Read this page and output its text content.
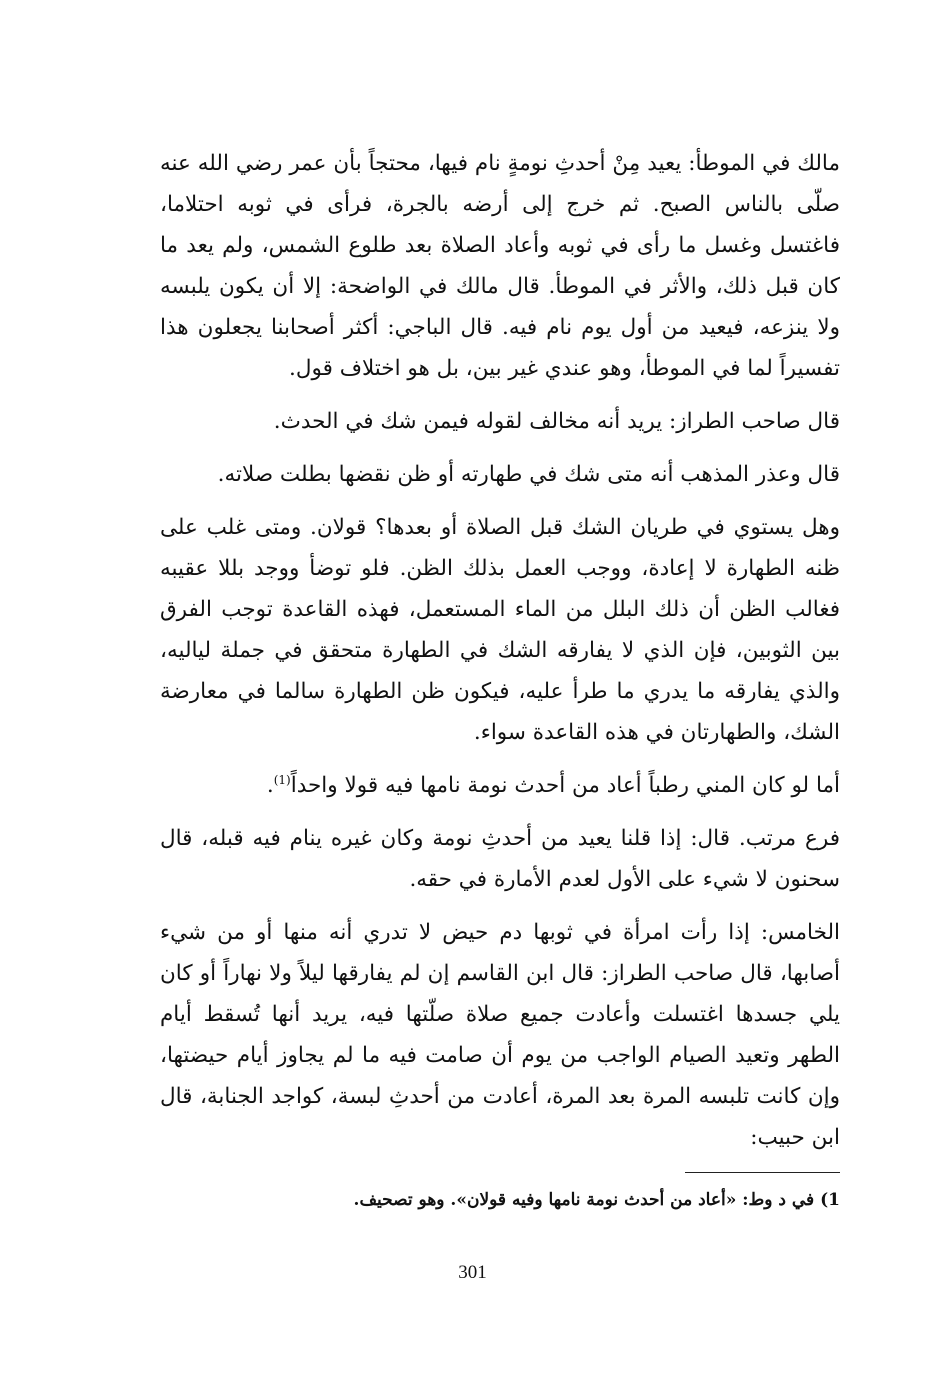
مالك في الموطأ: يعيد مِنْ أحدثِ نومةٍ نام فيها، محتجاً بأن عمر رضي الله عنه صلّى بالناس الصبح. ثم خرج إلى أرضه بالجرة، فرأى في ثوبه احتلاما، فاغتسل وغسل ما رأى في ثوبه وأعاد الصلاة بعد طلوع الشمس، ولم يعد ما كان قبل ذلك، والأثر في الموطأ. قال مالك في الواضحة: إلا أن يكون يلبسه ولا ينزعه، فيعيد من أول يوم نام فيه. قال الباجي: أكثر أصحابنا يجعلون هذا تفسيراً لما في الموطأ، وهو عندي غير بين، بل هو اختلاف قول.

قال صاحب الطراز: يريد أنه مخالف لقوله فيمن شك في الحدث.

قال وعذر المذهب أنه متى شك في طهارته أو ظن نقضها بطلت صلاته.

وهل يستوي في طريان الشك قبل الصلاة أو بعدها؟ قولان. ومتى غلب على ظنه الطهارة لا إعادة، ووجب العمل بذلك الظن. فلو توضأ ووجد بللا عقيبه فغالب الظن أن ذلك البلل من الماء المستعمل، فهذه القاعدة توجب الفرق بين الثوبين، فإن الذي لا يفارقه الشك في الطهارة متحقق في جملة لياليه، والذي يفارقه ما يدري ما طرأ عليه، فيكون ظن الطهارة سالما في معارضة الشك، والطهارتان في هذه القاعدة سواء.

أما لو كان المني رطباً أعاد من أحدث نومة نامها فيه قولا واحداً$^{(1)}$.

فرع مرتب. قال: إذا قلنا يعيد من أحدثِ نومة وكان غيره ينام فيه قبله، قال سحنون لا شيء على الأول لعدم الأمارة في حقه.

الخامس: إذا رأت امرأة في ثوبها دم حيض لا تدري أنه منها أو من شيء أصابها، قال صاحب الطراز: قال ابن القاسم إن لم يفارقها ليلاً ولا نهاراً أو كان يلي جسدها اغتسلت وأعادت جميع صلاة صلّتها فيه، يريد أنها تُسقط أيام الطهر وتعيد الصيام الواجب من يوم أن صامت فيه ما لم يجاوز أيام حيضتها، وإن كانت تلبسه المرة بعد المرة، أعادت من أحدثِ لبسة، كواجد الجنابة، قال ابن حبيب:

1) في د وط: «أعاد من أحدث نومة نامها وفيه قولان». وهو تصحيف.
301
